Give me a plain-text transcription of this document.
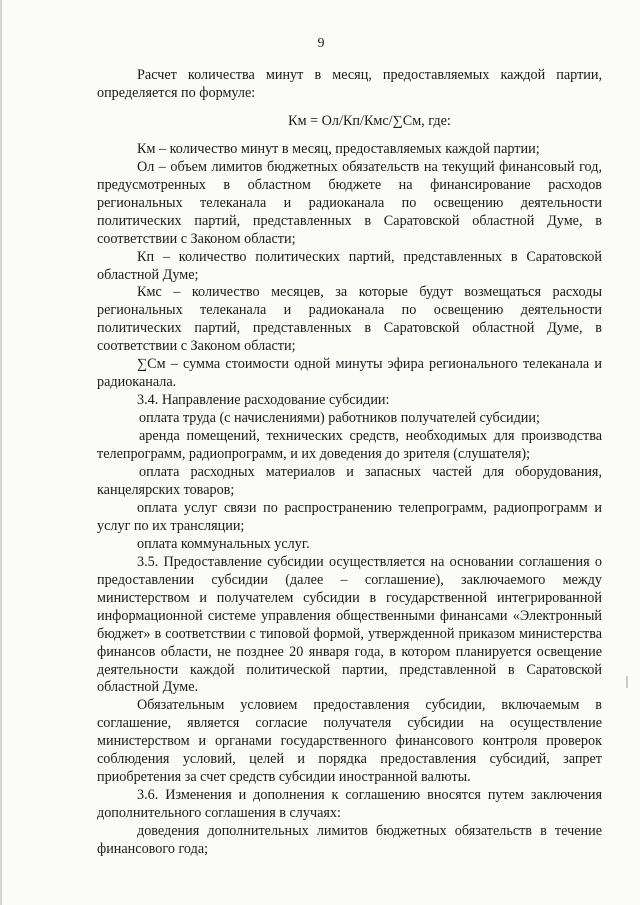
9

Расчет количества минут в месяц, предоставляемых каждой партии, определяется по формуле:

Км = Ол/Кп/Кмс/∑См, где:

Км – количество минут в месяц, предоставляемых каждой партии;

Ол – объем лимитов бюджетных обязательств на текущий финансовый год, предусмотренных в областном бюджете на финансирование расходов региональных телеканала и радиоканала по освещению деятельности политических партий, представленных в Саратовской областной Думе, в соответствии с Законом области;

Кп – количество политических партий, представленных в Саратовской областной Думе;

Кмс – количество месяцев, за которые будут возмещаться расходы региональных телеканала и радиоканала по освещению деятельности политических партий, представленных в Саратовской областной Думе, в соответствии с Законом области;

∑См – сумма стоимости одной минуты эфира регионального телеканала и радиоканала.

3.4. Направление расходование субсидии:

оплата труда (с начислениями) работников получателей субсидии;

аренда помещений, технических средств, необходимых для производства телепрограмм, радиопрограмм, и их доведения до зрителя (слушателя);

оплата расходных материалов и запасных частей для оборудования, канцелярских товаров;

оплата услуг связи по распространению телепрограмм, радиопрограмм и услуг по их трансляции;

оплата коммунальных услуг.

3.5. Предоставление субсидии осуществляется на основании соглашения о предоставлении субсидии (далее – соглашение), заключаемого между министерством и получателем субсидии в государственной интегрированной информационной системе управления общественными финансами «Электронный бюджет» в соответствии с типовой формой, утвержденной приказом министерства финансов области, не позднее 20 января года, в котором планируется освещение деятельности каждой политической партии, представленной в Саратовской областной Думе.

Обязательным условием предоставления субсидии, включаемым в соглашение, является согласие получателя субсидии на осуществление министерством и органами государственного финансового контроля проверок соблюдения условий, целей и порядка предоставления субсидий, запрет приобретения за счет средств субсидии иностранной валюты.

3.6. Изменения и дополнения к соглашению вносятся путем заключения дополнительного соглашения в случаях:

доведения дополнительных лимитов бюджетных обязательств в течение финансового года;
